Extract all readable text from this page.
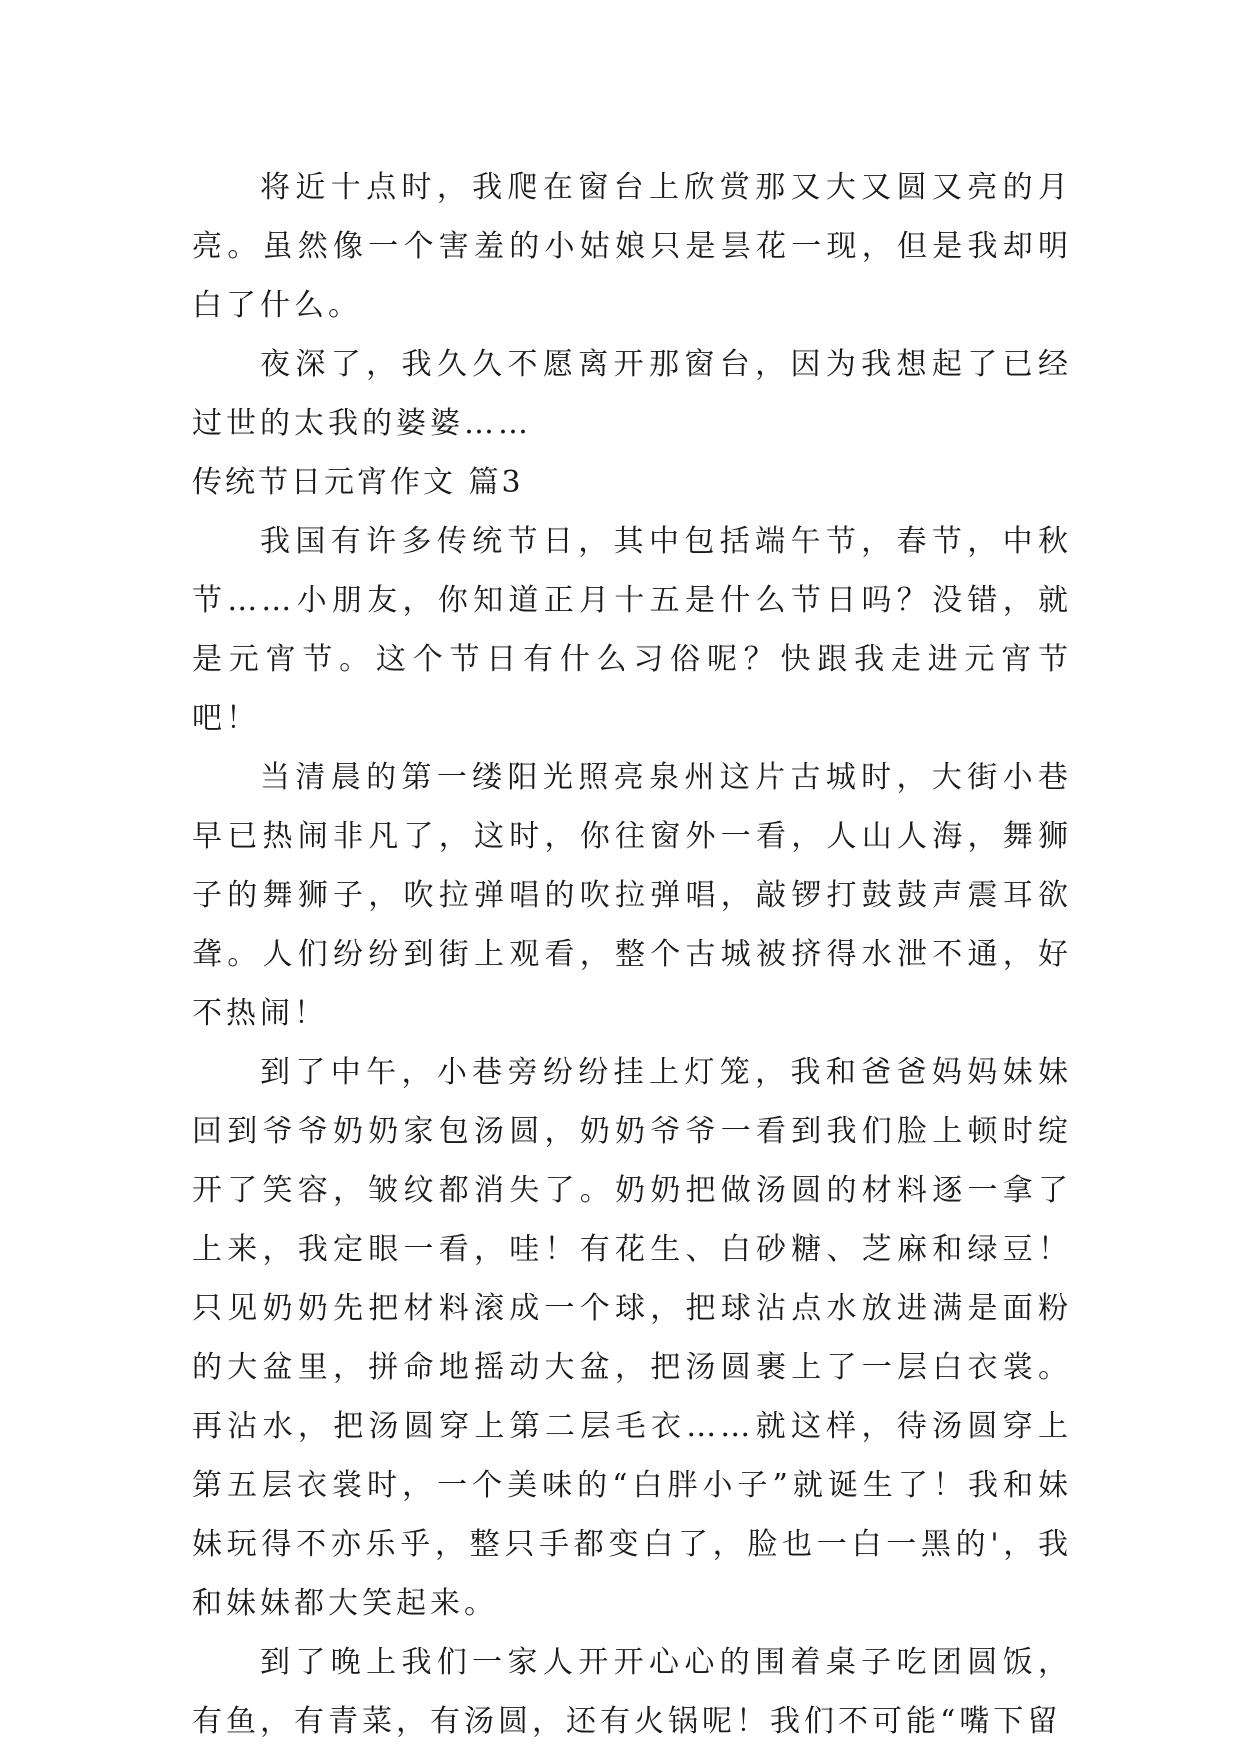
将近十点时，我爬在窗台上欣赏那又大又圆又亮的月亮。虽然像一个害羞的小姑娘只是昙花一现，但是我却明白了什么。

夜深了，我久久不愿离开那窗台，因为我想起了已经过世的太我的婆婆……

传统节日元宵作文 篇3

我国有许多传统节日，其中包括端午节，春节，中秋节……小朋友，你知道正月十五是什么节日吗？没错，就是元宵节。这个节日有什么习俗呢？快跟我走进元宵节吧！

当清晨的第一缕阳光照亮泉州这片古城时，大街小巷早已热闹非凡了，这时，你往窗外一看，人山人海，舞狮子的舞狮子，吹拉弹唱的吹拉弹唱，敲锣打鼓鼓声震耳欲聋。人们纷纷到街上观看，整个古城被挤得水泄不通，好不热闹！

到了中午，小巷旁纷纷挂上灯笼，我和爸爸妈妈妹妹回到爷爷奶奶家包汤圆，奶奶爷爷一看到我们脸上顿时绽开了笑容，皱纹都消失了。奶奶把做汤圆的材料逐一拿了上来，我定眼一看，哇！有花生、白砂糖、芝麻和绿豆！只见奶奶先把材料滚成一个球，把球沾点水放进满是面粉的大盆里，拼命地摇动大盆，把汤圆裹上了一层白衣裳。再沾水，把汤圆穿上第二层毛衣……就这样，待汤圆穿上第五层衣裳时，一个美味的“白胖小子”就诞生了！我和妹妹玩得不亦乐乎，整只手都变白了，脸也一白一黑的'，我和妹妹都大笑起来。

到了晚上我们一家人开开心心的围着桌子吃团圆饭，有鱼，有青菜，有汤圆，还有火锅呢！我们不可能“嘴下留
